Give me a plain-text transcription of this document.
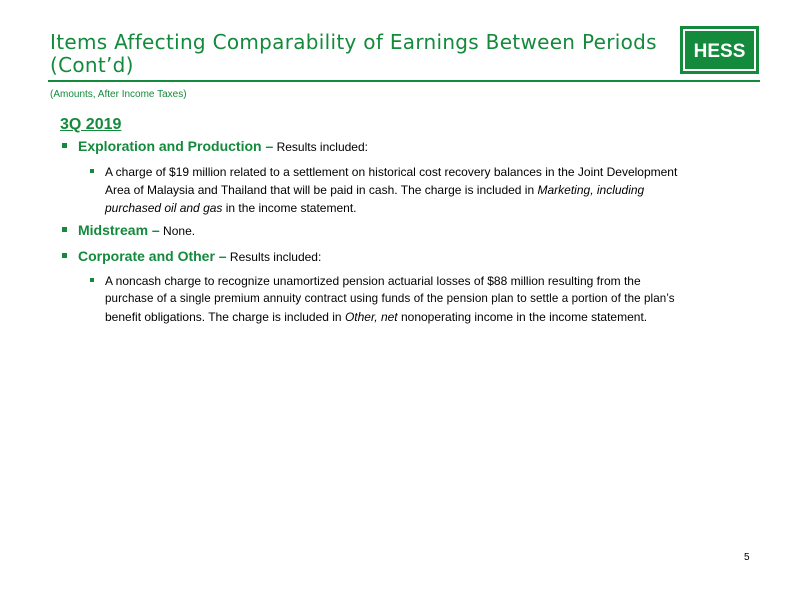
Items Affecting Comparability of Earnings Between Periods
(Cont’d)
HESS
(Amounts, After Income Taxes)
3Q 2019
Exploration and Production – Results included:

A charge of $19 million related to a settlement on historical cost recovery balances in the Joint Development

Area of Malaysia and Thailand that will be paid in cash. The charge is included in Marketing, including

purchased oil and gas in the income statement.

Midstream – None.
Corporate and Other – Results included:

A noncash charge to recognize unamortized pension actuarial losses of $88 million resulting from the

purchase of a single premium annuity contract using funds of the pension plan to settle a portion of the plan’s

benefit obligations. The charge is included in Other, net nonoperating income in the income statement.

5
